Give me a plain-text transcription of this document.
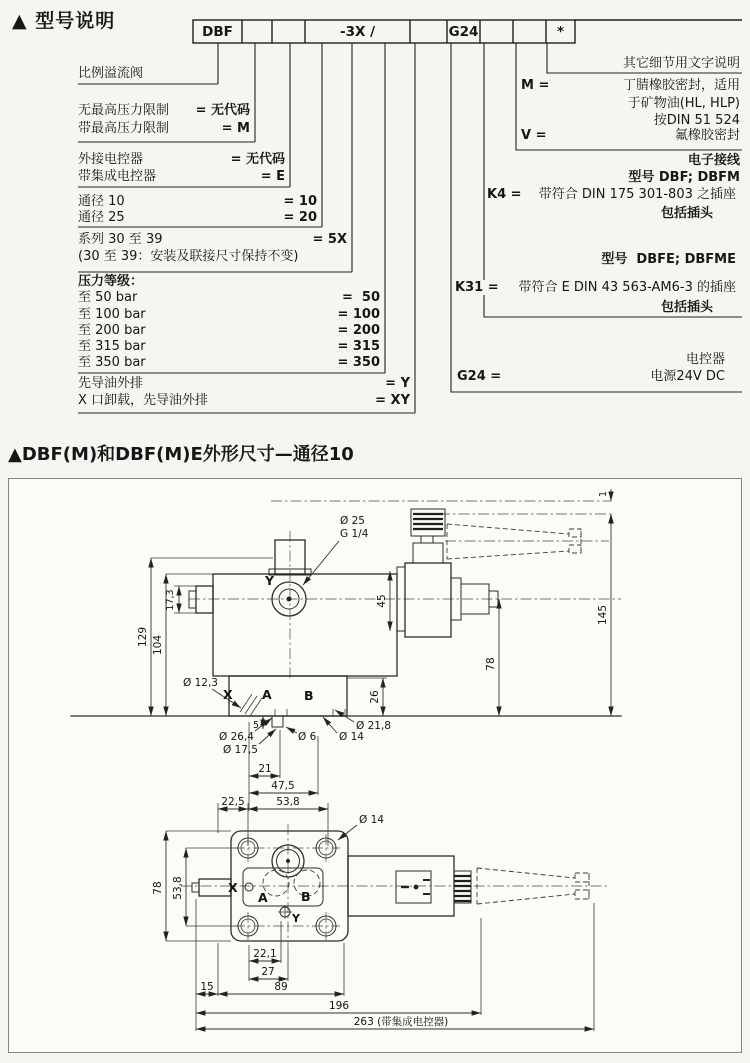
▲ 型号说明	DBF	-3X /	G24	*
比例溢流阀
无最高压力限制 = 无代码
带最高压力限制	= M
外接电控器	= 无代码
带集成电控器	= E
通径 10	= 10
通径 25	= 20
系列 30 至 39	= 5X
(30 至 39：安装及联接尺寸保持不变)
压力等级：
至 50 bar	=  50
至 100 bar	= 100
至 200 bar	= 200
至 315 bar	= 315
至 350 bar	= 350
先导油外排	= Y
X 口卸载，先导油外排	= XY
其它细节用文字说明
M =	丁腈橡胶密封，适用
于矿物油(HL, HLP)
按DIN 51 524
V =	氟橡胶密封
电子接线
型号 DBF; DBFM
K4 = 带符合 DIN 175 301-803 之插座
包括插头
型号  DBFE; DBFME
K31 = 带符合 E DIN 43 563-AM6-3 的插座
包括插头
电控器
G24 =	电源24V DC
▲DBF(M)和DBF(M)E外形尺寸—通径10
Ø 25
G 1/4
Y
17,3
129 104
45
1
145
78
26
Ø 12,3
X A	B
Ø 21,8
Ø 26,4
Ø 17,5
Ø 6 Ø 14
5
21
47,5
22,5	53,8
Ø 14
78 53,8	X
A	B
Y
22,1
27
15	89
196
263 (带集成电控器)
